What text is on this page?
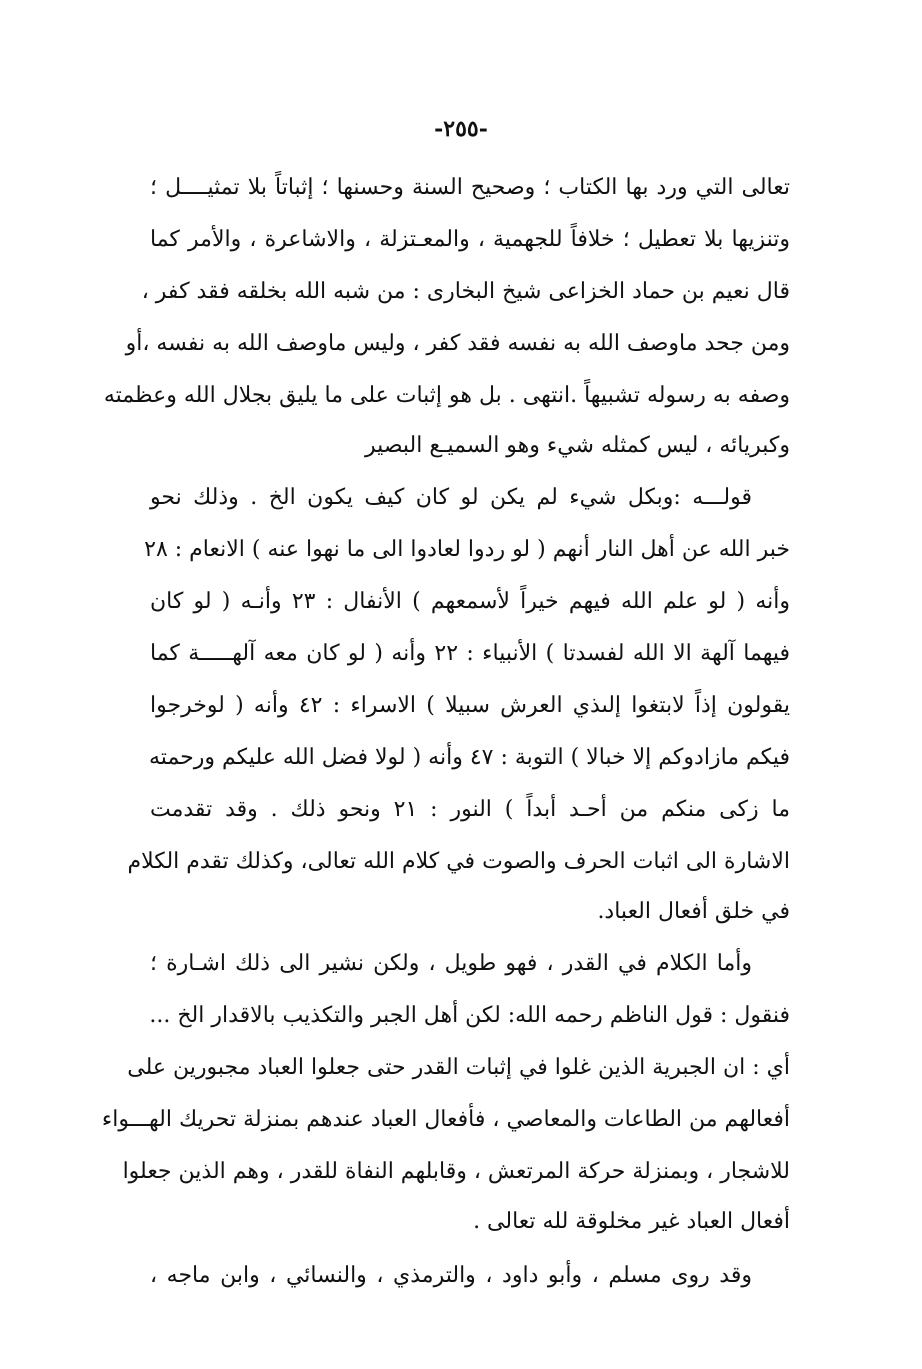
-٢٥٥-
تعالى التي ورد بها الكتاب ؛ وصحيح السنة وحسنها ؛ إثباتاً بلا تمثيــــل ؛
وتنزيها بلا تعطيل ؛ خلافاً للجهمية ، والمعـتزلة ، والاشاعرة ، والأمر كما
قال نعيم بن حماد الخزاعى شيخ البخارى : من شبه الله بخلقه فقد كفر ،
ومن جحد ماوصف الله به نفسه فقد كفر ، وليس ماوصف الله به نفسه ،أو
وصفه به رسوله تشبيهاً .انتهى . بل هو إثبات على ما يليق بجلال الله وعظمته
وكبريائه ، ليس كمثله شيء وهو السميـع البصير
قولـــه :وبكل شيء لم يكن لو كان كيف يكون الخ . وذلك نحو
خبر الله عن أهل النار أنهم ( لو ردوا لعادوا الى ما نهوا عنه ) الانعام : ٢٨
وأنه ( لو علم الله فيهم خيراً لأسمعهم ) الأنفال : ٢٣ وأنـه ( لو كان
فيهما آلهة الا الله لفسدتا ) الأنبياء : ٢٢ وأنه ( لو كان معه آلهـــــة كما
يقولون إذاً لابتغوا إلىذي العرش سبيلا ) الاسراء : ٤٢ وأنه ( لوخرجوا
فيكم مازادوكم إلا خبالا ) التوبة : ٤٧ وأنه ( لولا فضل الله عليكم ورحمته
ما زكى منكم من أحـد أبداً ) النور : ٢١ ونحو ذلك . وقد تقدمت
الاشارة الى اثبات الحرف والصوت في كلام الله تعالى، وكذلك تقدم الكلام
في خلق أفعال العباد.
وأما الكلام في القدر ، فهو طويل ، ولكن نشير الى ذلك اشـارة ؛
فنقول : قول الناظم رحمه الله: لكن أهل الجبر والتكذيب بالاقدار الخ ...
أي : ان الجبرية الذين غلوا في إثبات القدر حتى جعلوا العباد مجبورين على
أفعالهم من الطاعات والمعاصي ، فأفعال العباد عندهم بمنزلة تحريك الهـــواء
للاشجار ، وبمنزلة حركة المرتعش ، وقابلهم النفاة للقدر ، وهم الذين جعلوا
أفعال العباد غير مخلوقة لله تعالى .
وقد روى مسلم ، وأبو داود ، والترمذي ، والنسائي ، وابن ماجه ،
